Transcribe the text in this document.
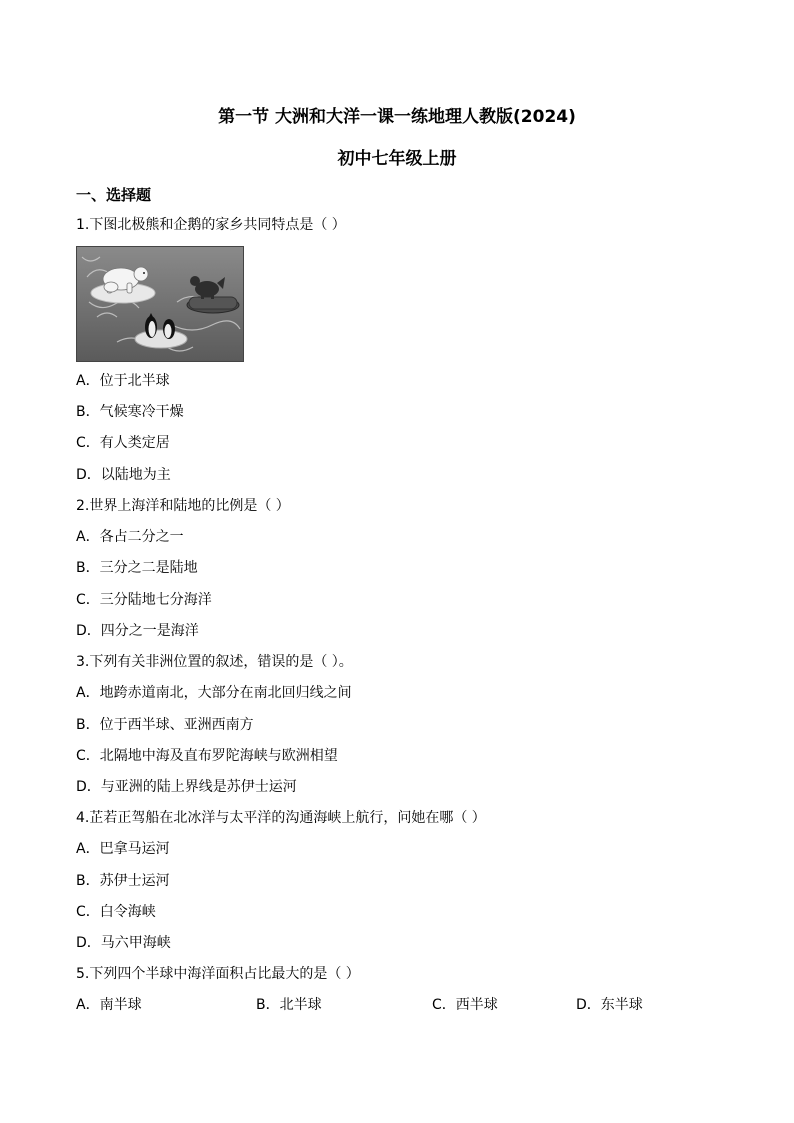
第一节 大洲和大洋一课一练地理人教版(2024)
初中七年级上册
一、选择题
1.下图北极熊和企鹅的家乡共同特点是（ ）
A．位于北半球
B．气候寒冷干燥
C．有人类定居
D．以陆地为主
2.世界上海洋和陆地的比例是（ ）
A．各占二分之一
B．三分之二是陆地
C．三分陆地七分海洋
D．四分之一是海洋
3.下列有关非洲位置的叙述，错误的是（ ）。
A．地跨赤道南北，大部分在南北回归线之间
B．位于西半球、亚洲西南方
C．北隔地中海及直布罗陀海峡与欧洲相望
D．与亚洲的陆上界线是苏伊士运河
4.芷若正驾船在北冰洋与太平洋的沟通海峡上航行，问她在哪（ ）
A．巴拿马运河
B．苏伊士运河
C．白令海峡
D．马六甲海峡
5.下列四个半球中海洋面积占比最大的是（ ）
A．南半球	B．北半球	C．西半球	D．东半球
